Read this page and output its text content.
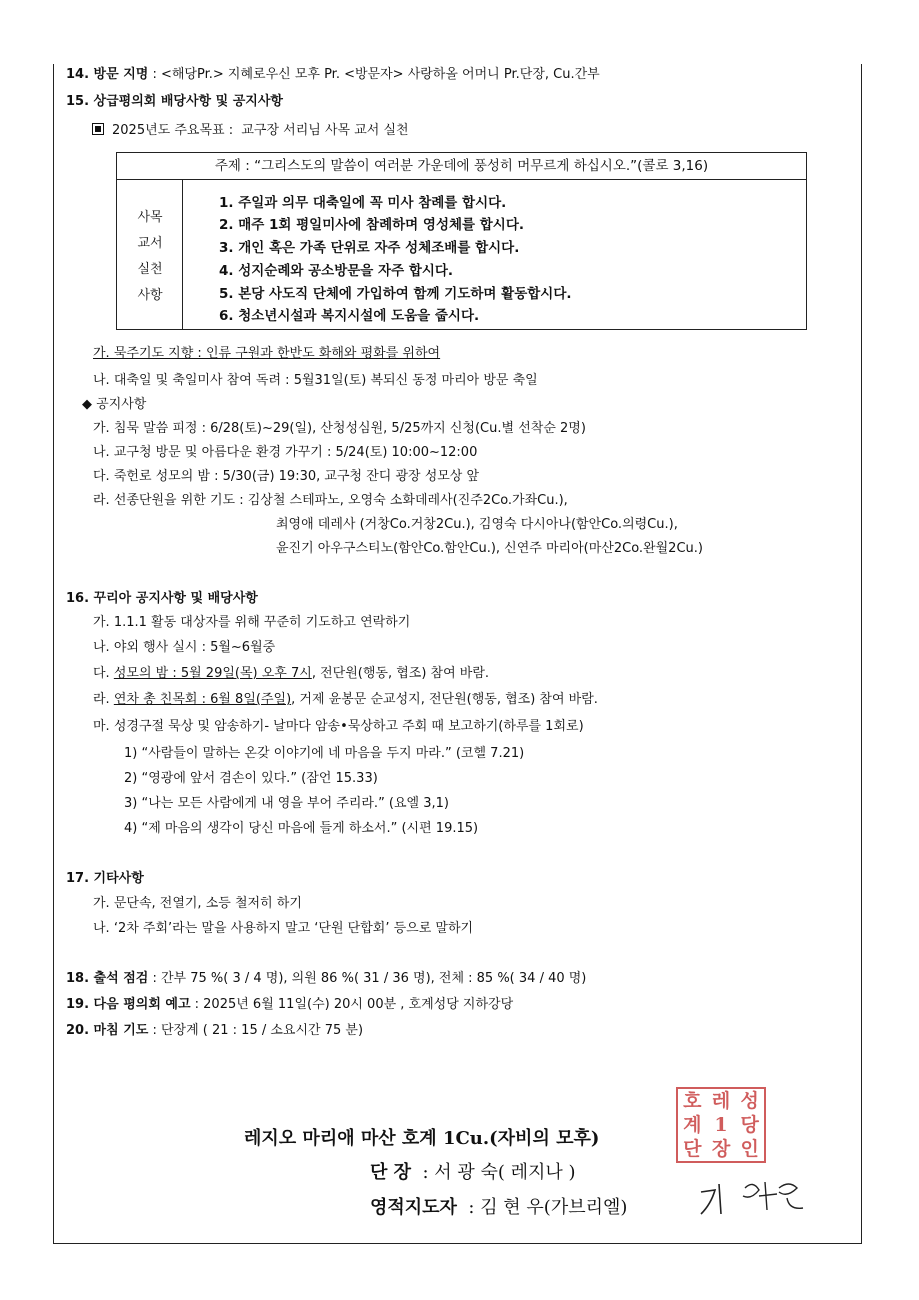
14. 방문 지명 : <해당Pr.> 지혜로우신 모후 Pr. <방문자> 사랑하올 어머니 Pr.단장, Cu.간부
15. 상급평의회 배당사항 및 공지사항
2025년도 주요목표 : 교구장 서리님 사목 교서 실천
주제 : “그리스도의 말씀이 여러분 가운데에 풍성히 머무르게 하십시오.”(콜로 3,16)
사목
교서
실천
사항
1. 주일과 의무 대축일에 꼭 미사 참례를 합시다.
2. 매주 1회 평일미사에 참례하며 영성체를 합시다.
3. 개인 혹은 가족 단위로 자주 성체조배를 합시다.
4. 성지순례와 공소방문을 자주 합시다.
5. 본당 사도직 단체에 가입하여 함께 기도하며 활동합시다.
6. 청소년시설과 복지시설에 도움을 줍시다.
가. 묵주기도 지향 : 인류 구원과 한반도 화해와 평화를 위하여
나. 대축일 및 축일미사 참여 독려 : 5월31일(토) 복되신 동정 마리아 방문 축일
◆ 공지사항
가. 침묵 말씀 피정 : 6/28(토)~29(일), 산청성심원, 5/25까지 신청(Cu.별 선착순 2명)
나. 교구청 방문 및 아름다운 환경 가꾸기 : 5/24(토) 10:00~12:00
다. 죽헌로 성모의 밤 : 5/30(금) 19:30, 교구청 잔디 광장 성모상 앞
라. 선종단원을 위한 기도 : 김상철 스테파노, 오영숙 소화데레사(진주2Co.가좌Cu.),
최영애 데레사 (거창Co.거창2Cu.), 김영숙 다시아나(함안Co.의령Cu.),
윤진기 아우구스티노(함안Co.함안Cu.), 신연주 마리아(마산2Co.완월2Cu.)
16. 꾸리아 공지사항 및 배당사항
가. 1.1.1 활동 대상자를 위해 꾸준히 기도하고 연락하기
나. 야외 행사 실시 : 5월~6월중
다. 성모의 밤 : 5월 29일(목) 오후 7시, 전단원(행동, 협조) 참여 바람.
라. 연차 총 친목회 : 6월 8일(주일), 거제 윤봉문 순교성지, 전단원(행동, 협조) 참여 바람.
마. 성경구절 묵상 및 암송하기- 날마다 암송•묵상하고 주회 때 보고하기(하루를 1회로)
1) “사람들이 말하는 온갖 이야기에 네 마음을 두지 마라.” (코헬 7.21)
2) “영광에 앞서 겸손이 있다.” (잠언 15.33)
3) “나는 모든 사람에게 내 영을 부어 주리라.” (요엘 3,1)
4) “제 마음의 생각이 당신 마음에 들게 하소서.” (시편 19.15)
17. 기타사항
가. 문단속, 전열기, 소등 철저히 하기
나. ‘2차 주회’라는 말을 사용하지 말고 ‘단원 단합회’ 등으로 말하기
18. 출석 점검 : 간부 75 %( 3 / 4 명), 의원 86 %( 31 / 36 명), 전체 : 85 %( 34 / 40 명)
19. 다음 평의회 예고 : 2025년 6월 11일(수) 20시 00분 , 호계성당 지하강당
20. 마침 기도 : 단장계 ( 21 : 15 / 소요시간 75 분)
레지오 마리애 마산 호계 1Cu.(자비의 모후)
단 장 : 서 광 숙( 레지나 )
영적지도자 : 김 현 우(가브리엘)
호 레 성
계 1 당
단 장 인
